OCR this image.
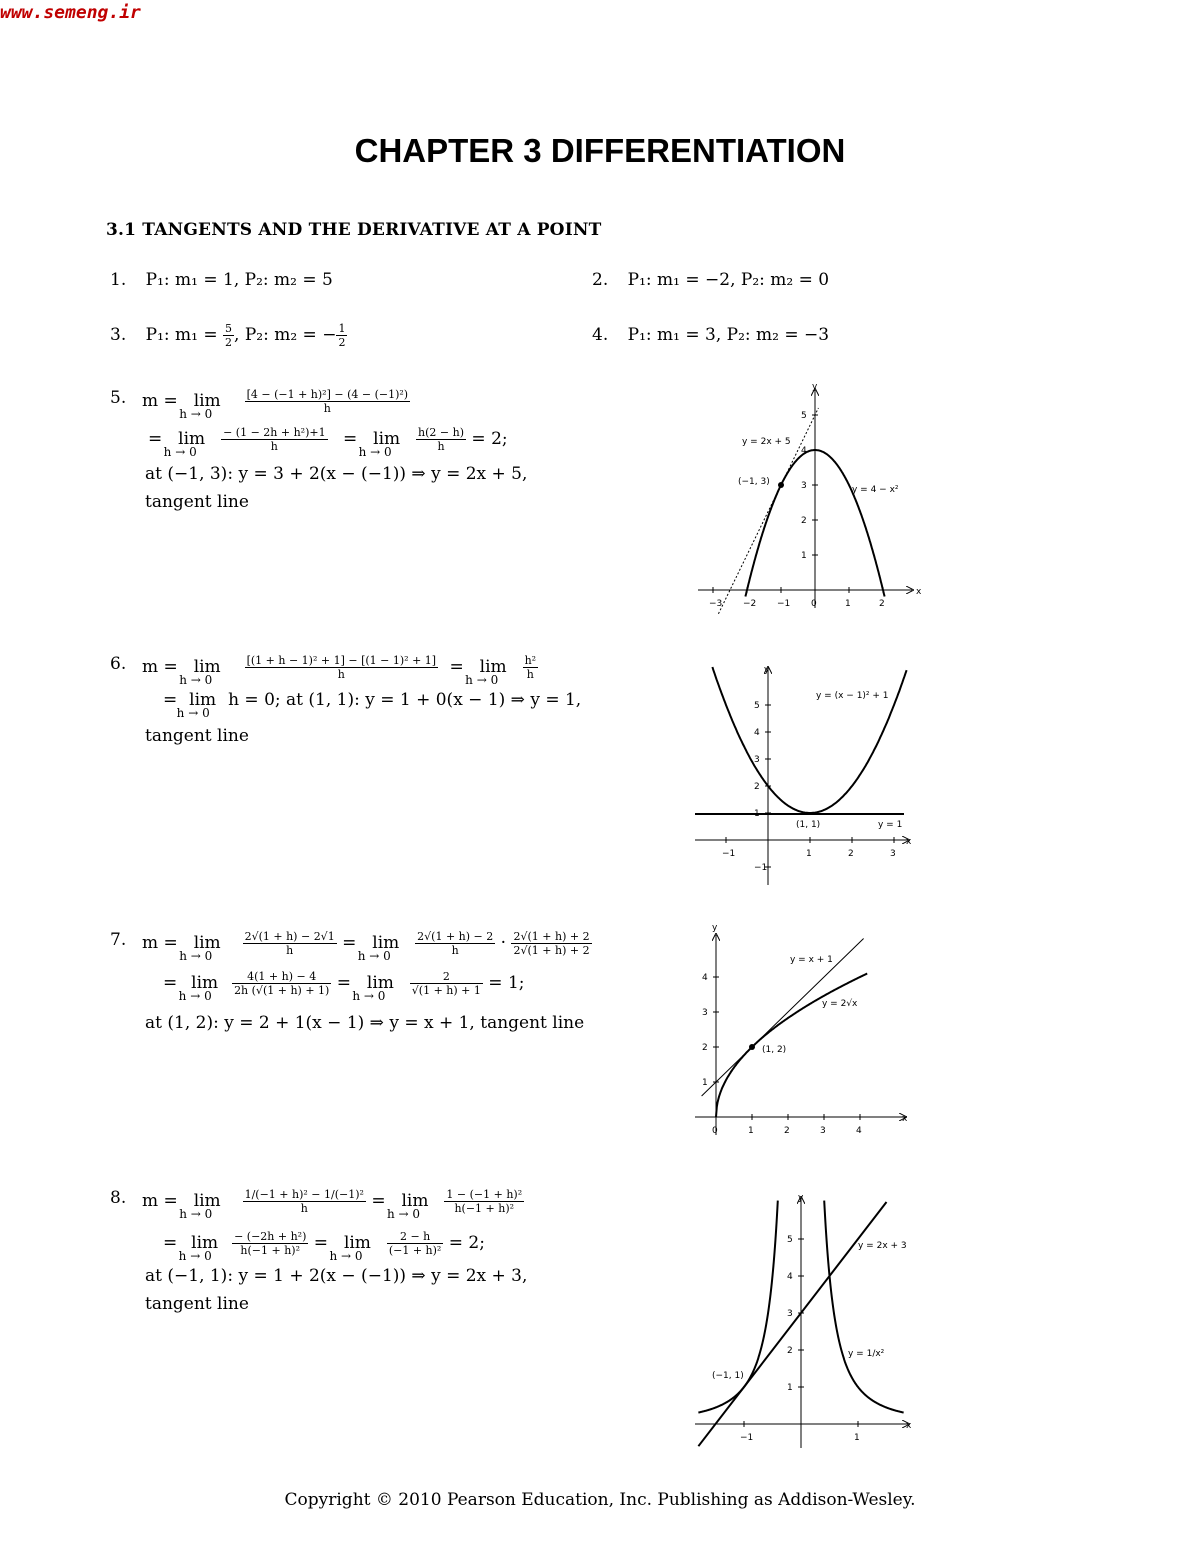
www.semeng.ir
CHAPTER 3 DIFFERENTIATION
3.1 TANGENTS AND THE DERIVATIVE AT A POINT
1. P₁: m₁ = 1, P₂: m₂ = 5	2. P₁: m₁ = −2, P₂: m₂ = 0
3. P₁: $m_1 = \frac{5}{2}$ , P₂: m₂ = − $\frac{1}{2}$	4. P₁: m₁ = 3, P₂: m₂ = −3
5. m = lim
h → 0
	$\frac{\text{[4 − (−1 + h)²] − (4 − (−1)²)}}{h}$
= lim
h → 0
$\frac{\text{− (1 − 2h + h²)+1}}{h} = \lim$
h → 0
$\frac{h(2 - h)}{h} = 2$;
at (−1, 3): y = 3 + 2(x − (−1)) ⇒ y = 2x + 5,
tangent line
x
y
−3 −2 −1 0	1	2
1
2
3
4
5
y = 2x + 5
y = 4 − x²
(−1, 3)
6. m = lim
h → 0
	$\frac{\text{[(1 + h − 1)² + 1] − [(1 − 1)² + 1]}}{h} = \lim$
h → 0
$\frac{\text{h²}}{h}$
= lim
h → 0
h = 0; at (1, 1): y = 1 + 0(x − 1) ⇒ y = 1,
tangent line
x
y
−1	1	2	3
−1
1
2
3
4
5
y = (x − 1)² + 1
y = 1
(1, 1)
7. m = lim
h → 0
	$\frac{2√(1 + h) - 2√1}{h} = \lim$
h → 0
$\frac{2√(1 + h) - 2}{h} \cdot \frac{2√(1 + h) + 2}{2√(1 + h) + 2}$
= lim
h → 0
$\frac{4(1 + h) - 4}{2h (√(1 + h) + 1)} = \lim$
h → 0
$\frac{2}{√(1 + h) + 1} = 1$;
at (1, 2): y = 2 + 1(x − 1) ⇒ y = x + 1, tangent line
x
y
0	1	2	3	4
1
2
3
4
y = x + 1
y = 2√x
(1, 2)
8. m = lim
h → 0
	$\frac{\text{1/(−1 + h)² − 1/(−1)²}}{h} = \lim$
h → 0
$\frac{\text{1 − (−1 + h)²}}{\text{h(−1 + h)²}}$
= lim
h → 0
$\frac{\text{− (−2h + h²)}}{\text{h(−1 + h)²}} = \lim$
h → 0
$\frac{2 - h}{\text{(−1 + h)²}} = 2$;
at (−1, 1): y = 1 + 2(x − (−1)) ⇒ y = 2x + 3,
tangent line
x
y
−1	1
1
2
3
4
5
y = 2x + 3
y = 1/x²
(−1, 1)
Copyright © 2010 Pearson Education, Inc. Publishing as Addison-Wesley.
